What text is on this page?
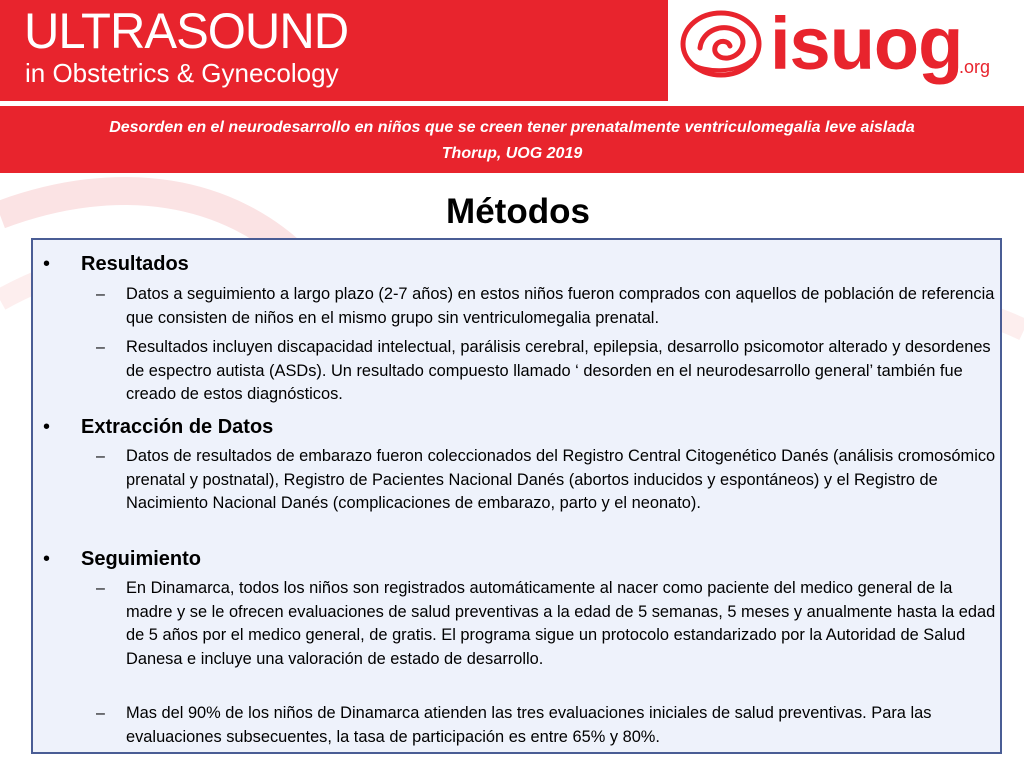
ULTRASOUND
in Obstetrics & Gynecology	isuog
.org
Desorden en el neurodesarrollo en niños que se creen tener prenatalmente ventriculomegalia leve aislada
Thorup, UOG 2019
Métodos
• Resultados
– Datos a seguimiento a largo plazo (2-7 años) en estos niños fueron comprados con aquellos de población de referencia que consisten de niños en el mismo grupo sin ventriculomegalia prenatal.
– Resultados incluyen discapacidad intelectual, parálisis cerebral, epilepsia, desarrollo psicomotor alterado y desordenes de espectro autista (ASDs). Un resultado compuesto llamado ‘ desorden en el neurodesarrollo general’ también fue creado de estos diagnósticos.
• Extracción de Datos
– Datos de resultados de embarazo fueron coleccionados del Registro Central Citogenético Danés (análisis cromosómico prenatal y postnatal), Registro de Pacientes Nacional Danés (abortos inducidos y espontáneos) y el Registro de Nacimiento Nacional Danés (complicaciones de embarazo, parto y el neonato).
• Seguimiento
– En Dinamarca, todos los niños son registrados automáticamente al nacer como paciente del medico general de la madre y se le ofrecen evaluaciones de salud preventivas a la edad de 5 semanas, 5 meses y anualmente hasta la edad de 5 años por el medico general, de gratis. El programa sigue un protocolo estandarizado por la Autoridad de Salud Danesa e incluye una valoración de estado de desarrollo.
– Mas del 90% de los niños de Dinamarca atienden las tres evaluaciones iniciales de salud preventivas. Para las evaluaciones subsecuentes, la tasa de participación es entre 65% y 80%.
